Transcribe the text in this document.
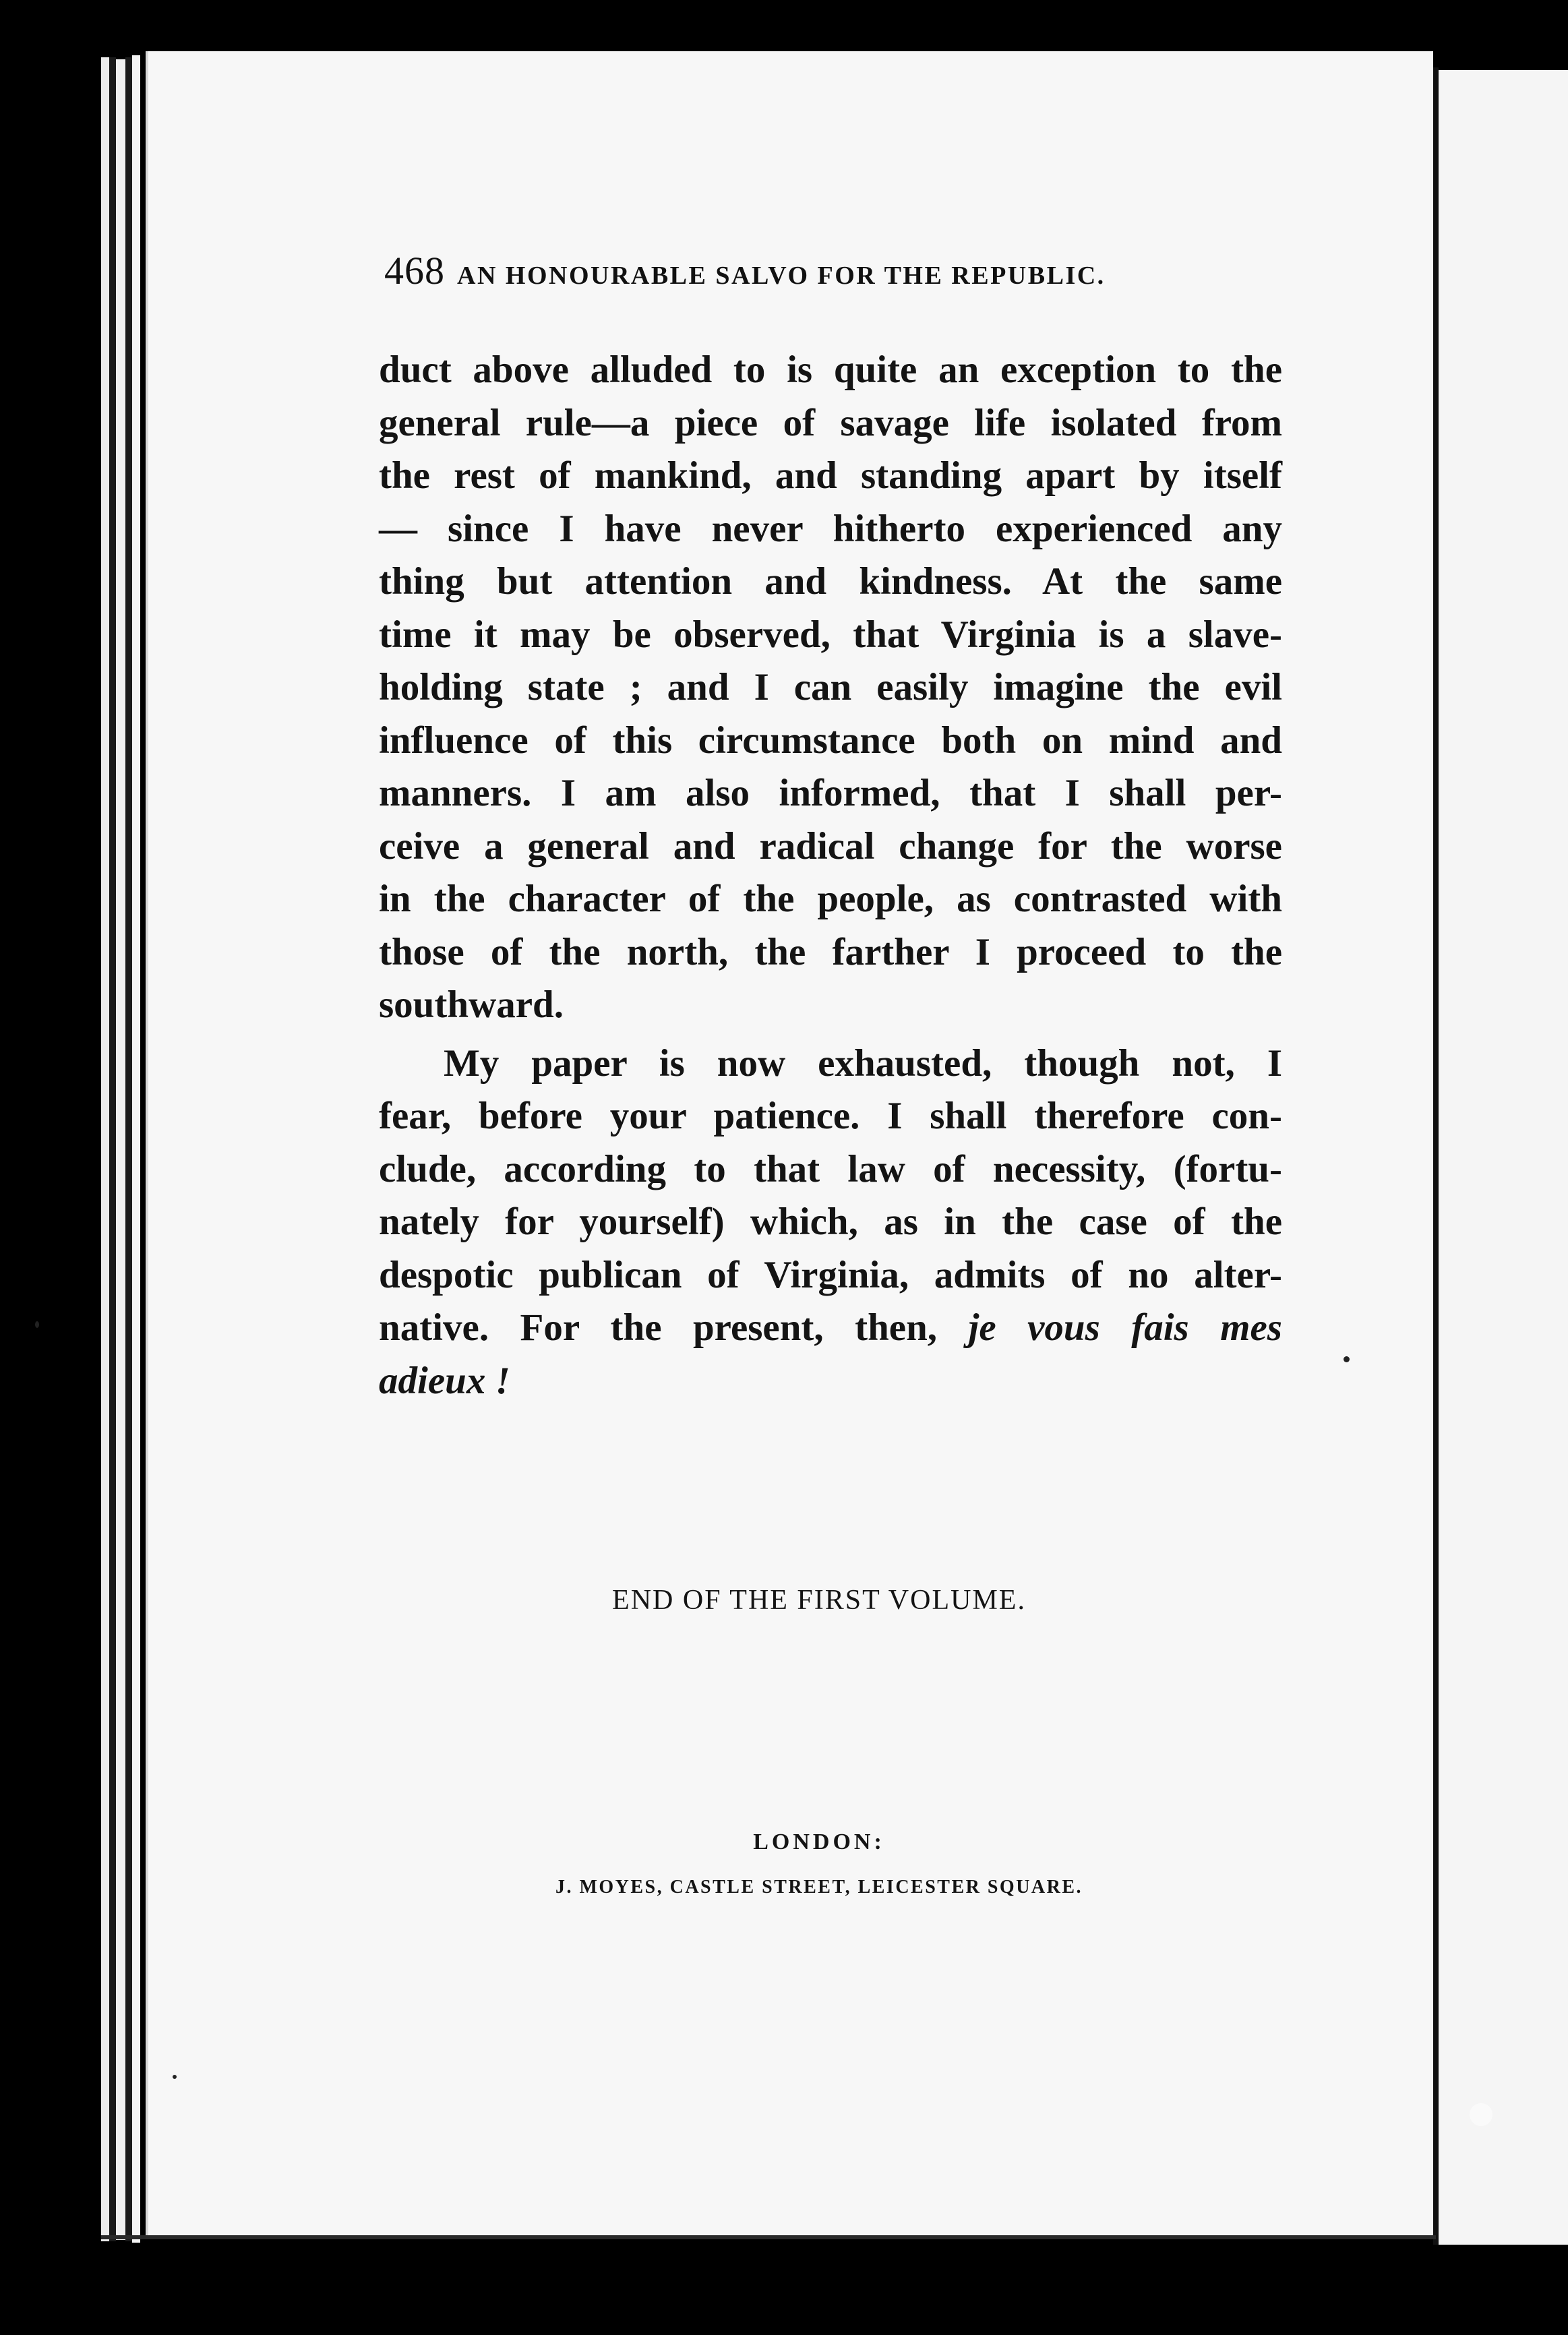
468 AN HONOURABLE SALVO FOR THE REPUBLIC.
duct above alluded to is quite an exception to the
general rule—a piece of savage life isolated from
the rest of mankind, and standing apart by itself
— since I have never hitherto experienced any
thing but attention and kindness. At the same
time it may be observed, that Virginia is a slave-
holding state ; and I can easily imagine the evil
influence of this circumstance both on mind and
manners. I am also informed, that I shall per-
ceive a general and radical change for the worse
in the character of the people, as contrasted with
those of the north, the farther I proceed to the
southward.
My paper is now exhausted, though not, I
fear, before your patience. I shall therefore con-
clude, according to that law of necessity, (fortu-
nately for yourself) which, as in the case of the
despotic publican of Virginia, admits of no alter-
native. For the present, then, je vous fais mes
adieux !
END OF THE FIRST VOLUME.
LONDON:
J. MOYES, CASTLE STREET, LEICESTER SQUARE.
